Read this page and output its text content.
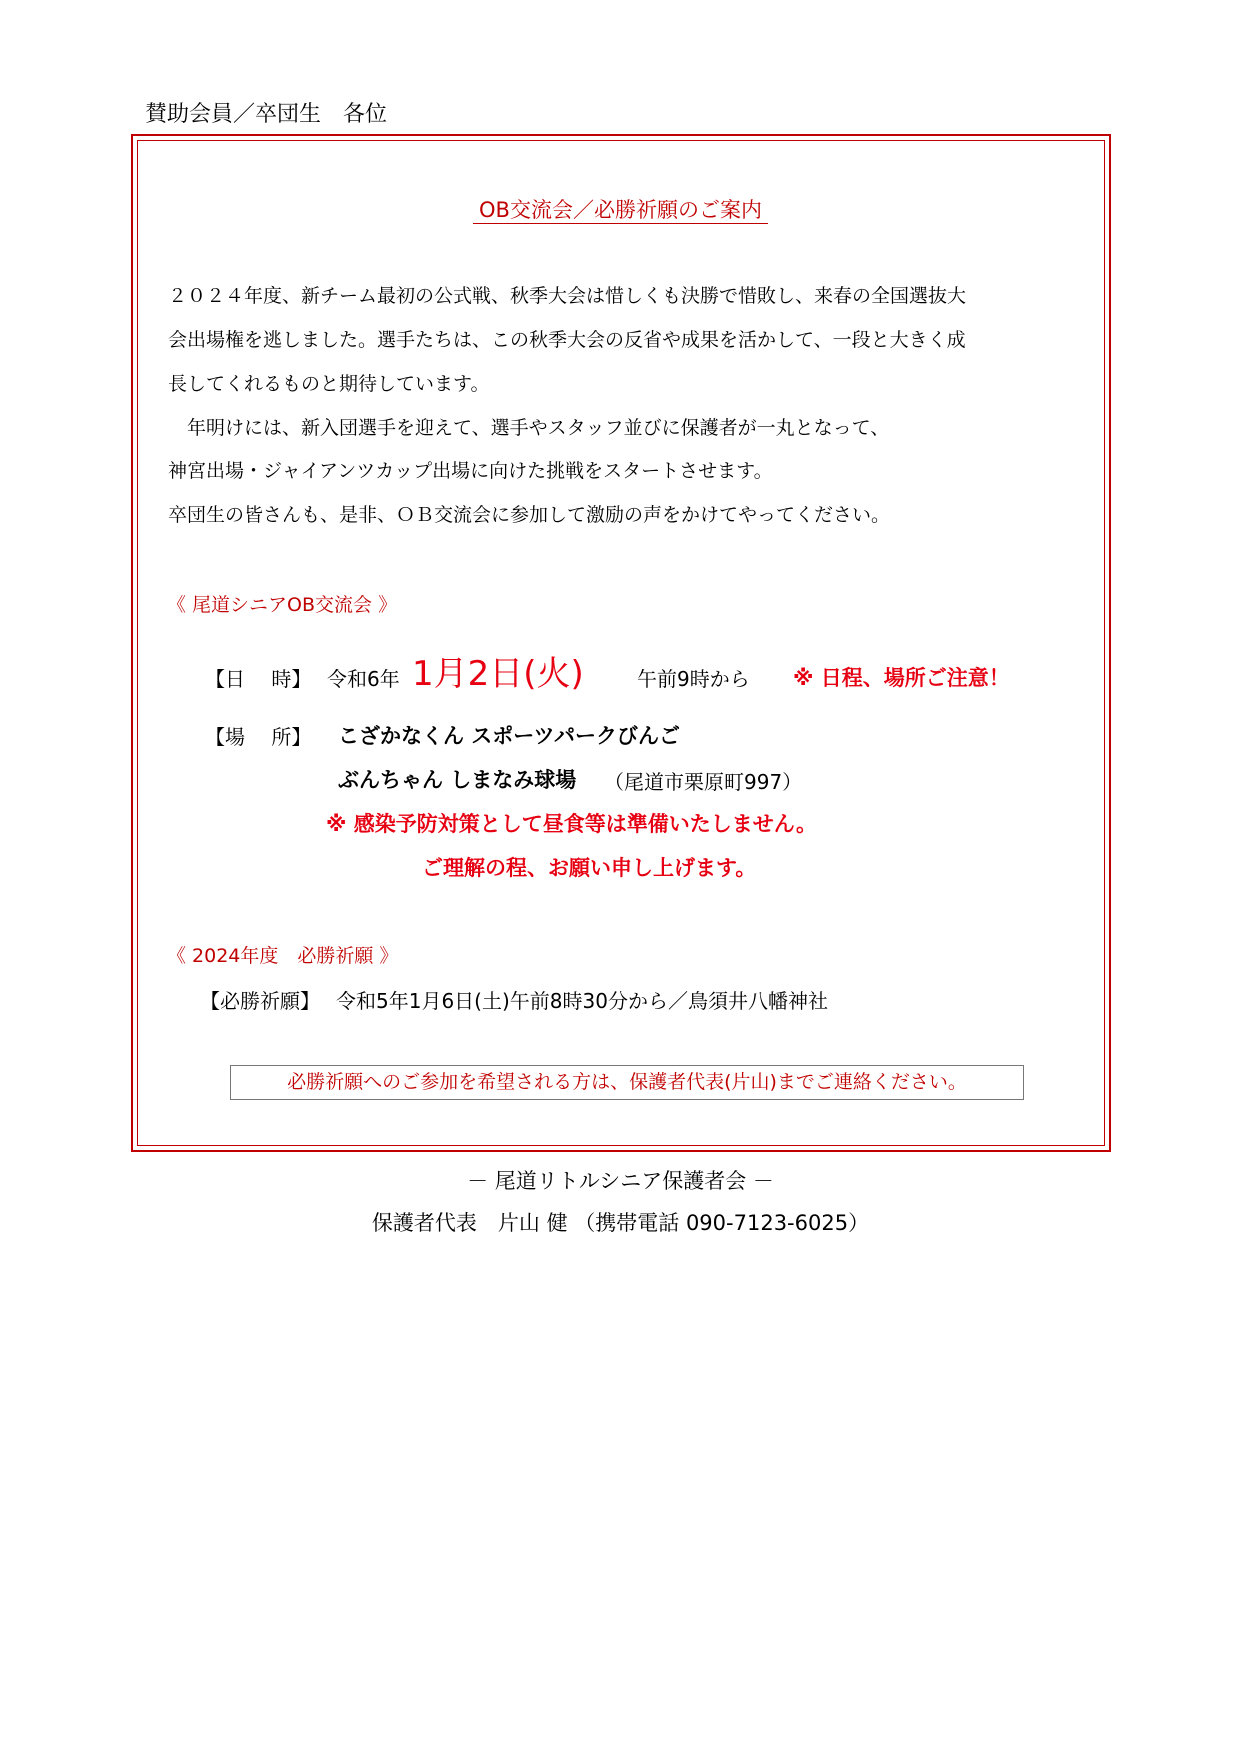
賛助会員／卒団生　各位
OB交流会／必勝祈願のご案内
２０２４年度、新チーム最初の公式戦、秋季大会は惜しくも決勝で惜敗し、来春の全国選抜大
会出場権を逃しました。選手たちは、この秋季大会の反省や成果を活かして、一段と大きく成
長してくれるものと期待しています。
　年明けには、新入団選手を迎えて、選手やスタッフ並びに保護者が一丸となって、
神宮出場・ジャイアンツカップ出場に向けた挑戦をスタートさせます。
卒団生の皆さんも、是非、ＯＢ交流会に参加して激励の声をかけてやってください。
《 尾道シニアOB交流会 》
【日　 時】 令和6年 1月2日(火)	午前9時から ※ 日程、場所ご注意！
【場　 所】 こざかなくん スポーツパークびんご
ぶんちゃん しまなみ球場 （尾道市栗原町997）
※ 感染予防対策として昼食等は準備いたしません。
ご理解の程、お願い申し上げます。
《 2024年度　必勝祈願 》
【必勝祈願】 令和5年1月6日(土)午前8時30分から／鳥須井八幡神社
必勝祈願へのご参加を希望される方は、保護者代表(片山)までご連絡ください。
－ 尾道リトルシニア保護者会 －
保護者代表　片山 健 （携帯電話 090-7123-6025）
